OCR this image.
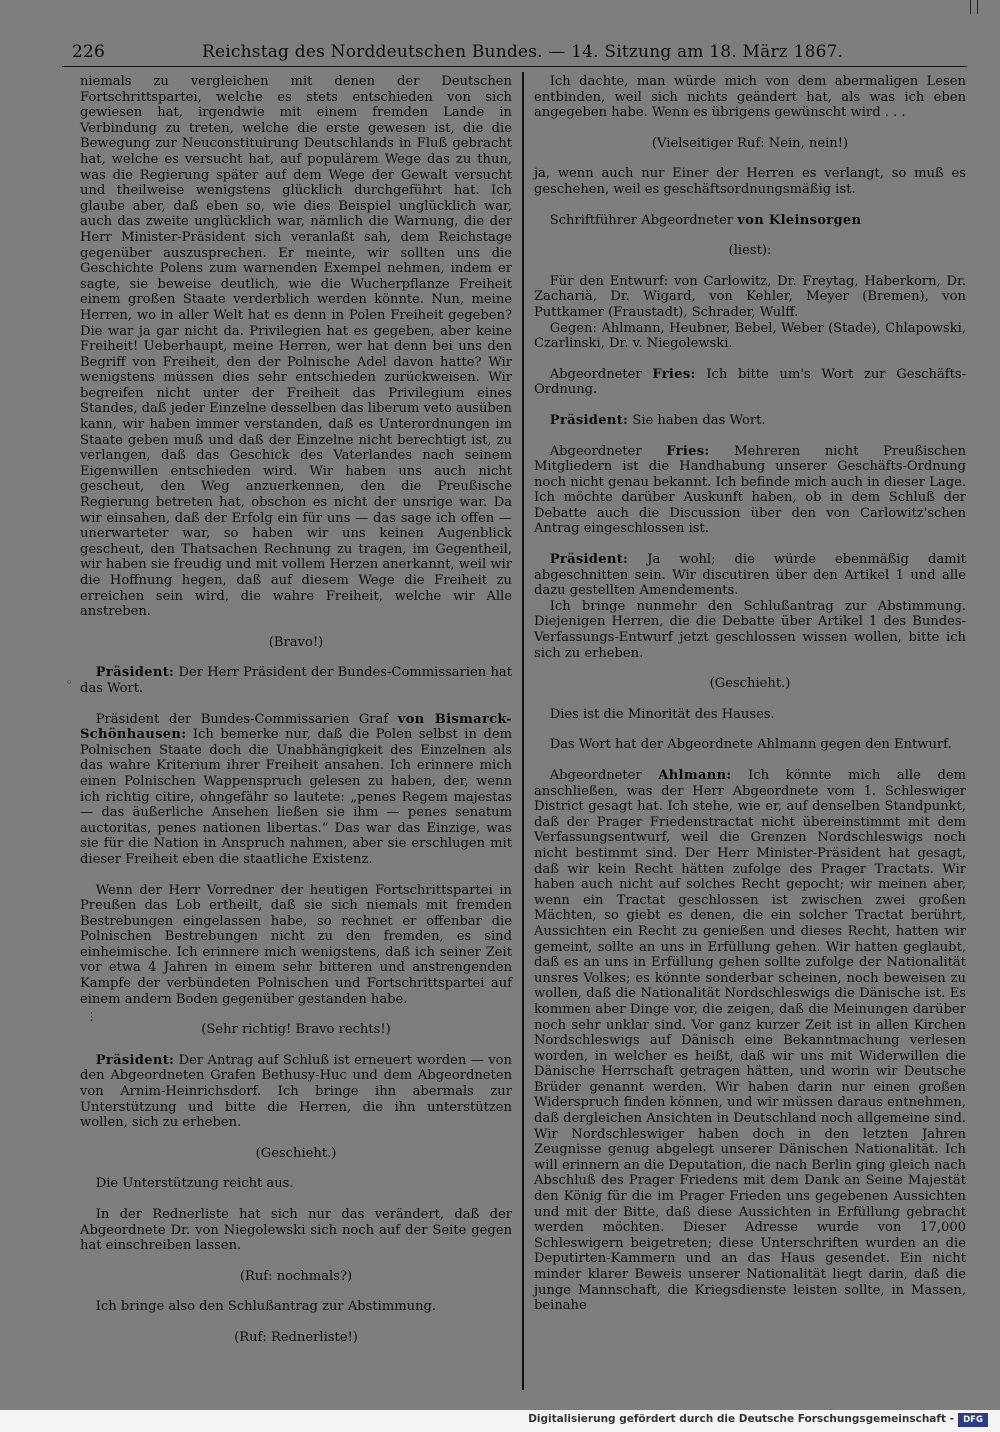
226	Reichstag des Norddeutschen Bundes. — 14. Sitzung am 18. März 1867.

niemals zu vergleichen mit denen der Deutschen Fortschrittspartei, welche es stets entschieden von sich gewiesen hat, irgendwie mit einem fremden Lande in Verbindung zu treten, welche die erste gewesen ist, die die Bewegung zur Neuconstituirung Deutschlands in Fluß gebracht hat, welche es versucht hat, auf populärem Wege das zu thun, was die Regierung später auf dem Wege der Gewalt versucht und theilweise wenigstens glücklich durchgeführt hat. Ich glaube aber, daß eben so, wie dies Beispiel unglücklich war, auch das zweite unglücklich war, nämlich die Warnung, die der Herr Minister-Präsident sich veranlaßt sah, dem Reichstage gegenüber auszusprechen. Er meinte, wir sollten uns die Geschichte Polens zum warnenden Exempel nehmen, indem er sagte, sie beweise deutlich, wie die Wucherpflanze Freiheit einem großen Staate verderblich werden könnte. Nun, meine Herren, wo in aller Welt hat es denn in Polen Freiheit gegeben? Die war ja gar nicht da. Privilegien hat es gegeben, aber keine Freiheit! Ueberhaupt, meine Herren, wer hat denn bei uns den Begriff von Freiheit, den der Polnische Adel davon hatte? Wir wenigstens müssen dies sehr entschieden zurückweisen. Wir begreifen nicht unter der Freiheit das Privilegium eines Standes, daß jeder Einzelne desselben das liberum veto ausüben kann, wir haben immer verstanden, daß es Unterordnungen im Staate geben muß und daß der Einzelne nicht berechtigt ist, zu verlangen, daß das Geschick des Vaterlandes nach seinem Eigenwillen entschieden wird. Wir haben uns auch nicht gescheut, den Weg anzuerkennen, den die Preußische Regierung betreten hat, obschon es nicht der unsrige war. Da wir einsahen, daß der Erfolg ein für uns — das sage ich offen — unerwarteter war, so haben wir uns keinen Augenblick gescheut, den Thatsachen Rechnung zu tragen, im Gegentheil, wir haben sie freudig und mit vollem Herzen anerkannt, weil wir die Hoffnung hegen, daß auf diesem Wege die Freiheit zu erreichen sein wird, die wahre Freiheit, welche wir Alle anstreben.

(Bravo!)

Präsident: Der Herr Präsident der Bundes-Commissarien hat das Wort.

Präsident der Bundes-Commissarien Graf von Bismarck-Schönhausen: Ich bemerke nur, daß die Polen selbst in dem Polnischen Staate doch die Unabhängigkeit des Einzelnen als das wahre Kriterium ihrer Freiheit ansahen. Ich erinnere mich einen Polnischen Wappenspruch gelesen zu haben, der, wenn ich richtig citire, ohngefähr so lautete: „penes Regem majestas — das äußerliche Ansehen ließen sie ihm — penes senatum auctoritas, penes nationen libertas.“ Das war das Einzige, was sie für die Nation in Anspruch nahmen, aber sie erschlugen mit dieser Freiheit eben die staatliche Existenz.

Wenn der Herr Vorredner der heutigen Fortschrittspartei in Preußen das Lob ertheilt, daß sie sich niemals mit fremden Bestrebungen eingelassen habe, so rechnet er offenbar die Polnischen Bestrebungen nicht zu den fremden, es sind einheimische. Ich erinnere mich wenigstens, daß ich seiner Zeit vor etwa 4 Jahren in einem sehr bitteren und anstrengenden Kampfe der verbündeten Polnischen und Fortschrittspartei auf einem andern Boden gegenüber gestanden habe.

(Sehr richtig! Bravo rechts!)

Präsident: Der Antrag auf Schluß ist erneuert worden — von den Abgeordneten Grafen Bethusy-Huc und dem Abgeordneten von Arnim-Heinrichsdorf. Ich bringe ihn abermals zur Unterstützung und bitte die Herren, die ihn unterstützen wollen, sich zu erheben.

(Geschieht.)

Die Unterstützung reicht aus.

In der Rednerliste hat sich nur das verändert, daß der Abgeordnete Dr. von Niegolewski sich noch auf der Seite gegen hat einschreiben lassen.

(Ruf: nochmals?)

Ich bringe also den Schlußantrag zur Abstimmung.

(Ruf: Rednerliste!)

Ich dachte, man würde mich von dem abermaligen Lesen entbinden, weil sich nichts geändert hat, als was ich eben angegeben habe. Wenn es übrigens gewünscht wird . . .

(Vielseitiger Ruf: Nein, nein!)

ja, wenn auch nur Einer der Herren es verlangt, so muß es geschehen, weil es geschäftsordnungsmäßig ist.

Schriftführer Abgeordneter von Kleinsorgen

(liest):

Für den Entwurf: von Carlowitz, Dr. Freytag, Haberkorn, Dr. Zachariä, Dr. Wigard, von Kehler, Meyer (Bremen), von Puttkamer (Fraustadt), Schrader, Wulff.

Gegen: Ahlmann, Heubner, Bebel, Weber (Stade), Chlapowski, Czarlinski, Dr. v. Niegolewski.

Abgeordneter Fries: Ich bitte um's Wort zur Geschäfts-Ordnung.

Präsident: Sie haben das Wort.

Abgeordneter Fries: Mehreren nicht Preußischen Mitgliedern ist die Handhabung unserer Geschäfts-Ordnung noch nicht genau bekannt. Ich befinde mich auch in dieser Lage. Ich möchte darüber Auskunft haben, ob in dem Schluß der Debatte auch die Discussion über den von Carlowitz'schen Antrag eingeschlossen ist.

Präsident: Ja wohl; die würde ebenmäßig damit abgeschnitten sein. Wir discutiren über den Artikel 1 und alle dazu gestellten Amendements.

Ich bringe nunmehr den Schlußantrag zur Abstimmung. Diejenigen Herren, die die Debatte über Artikel 1 des Bundes-Verfassungs-Entwurf jetzt geschlossen wissen wollen, bitte ich sich zu erheben.

(Geschieht.)

Dies ist die Minorität des Hauses.

Das Wort hat der Abgeordnete Ahlmann gegen den Entwurf.

Abgeordneter Ahlmann: Ich könnte mich alle dem anschließen, was der Herr Abgeordnete vom 1. Schleswiger District gesagt hat. Ich stehe, wie er, auf denselben Standpunkt, daß der Prager Friedenstractat nicht übereinstimmt mit dem Verfassungsentwurf, weil die Grenzen Nordschleswigs noch nicht bestimmt sind. Der Herr Minister-Präsident hat gesagt, daß wir kein Recht hätten zufolge des Prager Tractats. Wir haben auch nicht auf solches Recht gepocht; wir meinen aber, wenn ein Tractat geschlossen ist zwischen zwei großen Mächten, so giebt es denen, die ein solcher Tractat berührt, Aussichten ein Recht zu genießen und dieses Recht, hatten wir gemeint, sollte an uns in Erfüllung gehen. Wir hatten geglaubt, daß es an uns in Erfüllung gehen sollte zufolge der Nationalität unsres Volkes; es könnte sonderbar scheinen, noch beweisen zu wollen, daß die Nationalität Nordschleswigs die Dänische ist. Es kommen aber Dinge vor, die zeigen, daß die Meinungen darüber noch sehr unklar sind. Vor ganz kurzer Zeit ist in allen Kirchen Nordschleswigs auf Dänisch eine Bekanntmachung verlesen worden, in welcher es heißt, daß wir uns mit Widerwillen die Dänische Herrschaft getragen hätten, und worin wir Deutsche Brüder genannt werden. Wir haben darin nur einen großen Widerspruch finden können, und wir müssen daraus entnehmen, daß dergleichen Ansichten in Deutschland noch allgemeine sind. Wir Nordschleswiger haben doch in den letzten Jahren Zeugnisse genug abgelegt unserer Dänischen Nationalität. Ich will erinnern an die Deputation, die nach Berlin ging gleich nach Abschluß des Prager Friedens mit dem Dank an Seine Majestät den König für die im Prager Frieden uns gegebenen Aussichten und mit der Bitte, daß diese Aussichten in Erfüllung gebracht werden möchten. Dieser Adresse wurde von 17,000 Schleswigern beigetreten; diese Unterschriften wurden an die Deputirten-Kammern und an das Haus gesendet. Ein nicht minder klarer Beweis unserer Nationalität liegt darin, daß die junge Mannschaft, die Kriegsdienste leisten sollte, in Massen, beinahe

◦
⋮
Digitalisierung gefördert durch die Deutsche Forschungsgemeinschaft -	DFG
